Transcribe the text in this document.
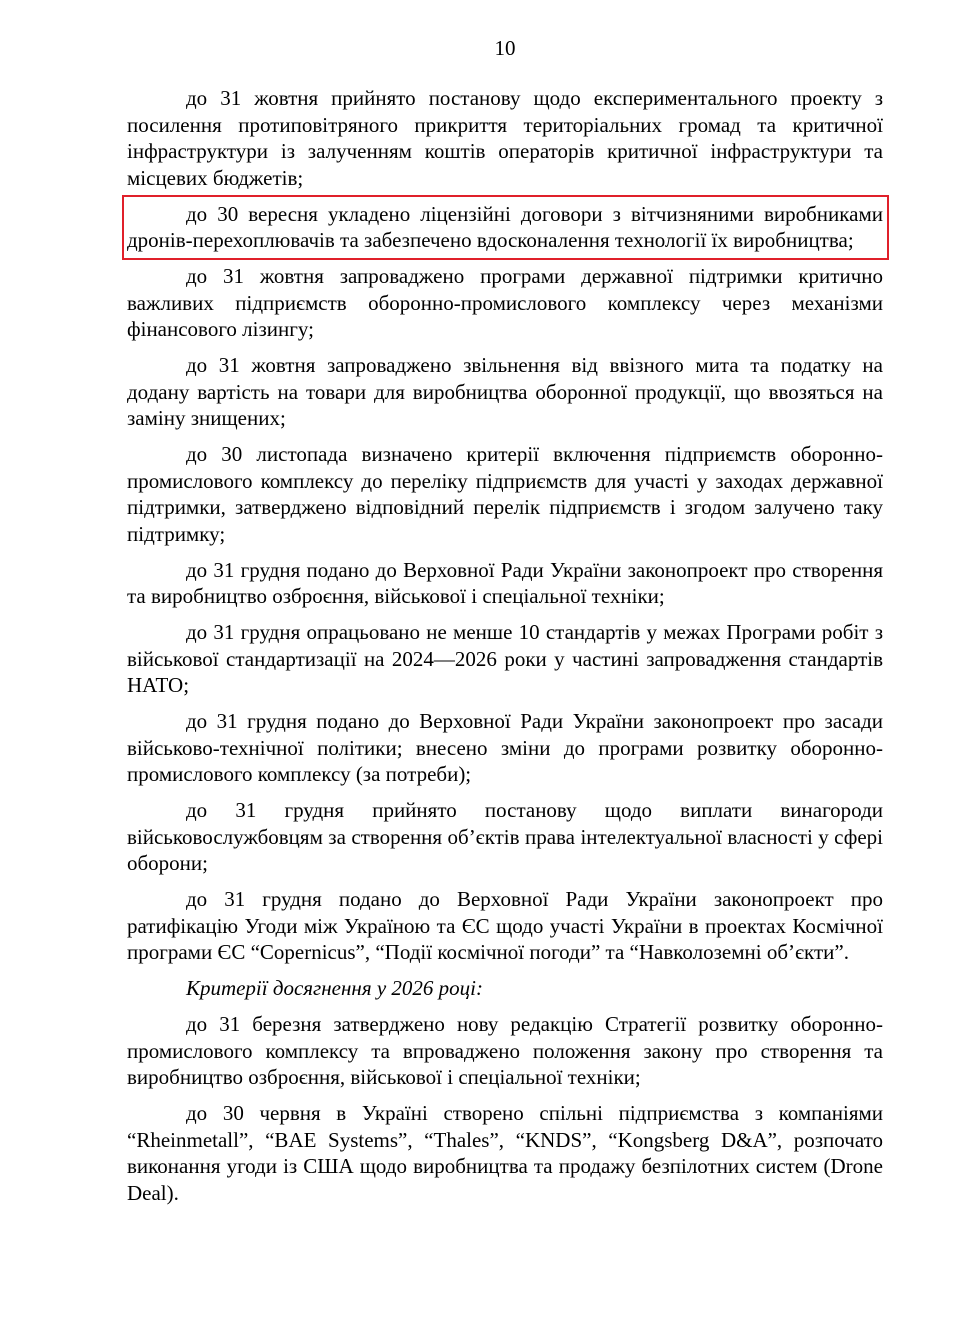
10

до 31 жовтня прийнято постанову щодо експериментального проекту з посилення протиповітряного прикриття територіальних громад та критичної інфраструктури із залученням коштів операторів критичної інфраструктури та місцевих бюджетів;

до 30 вересня укладено ліцензійні договори з вітчизняними виробниками дронів-перехоплювачів та забезпечено вдосконалення технології їх виробництва;

до 31 жовтня запроваджено програми державної підтримки критично важливих підприємств оборонно-промислового комплексу через механізми фінансового лізингу;

до 31 жовтня запроваджено звільнення від ввізного мита та податку на додану вартість на товари для виробництва оборонної продукції, що ввозяться на заміну знищених;

до 30 листопада визначено критерії включення підприємств оборонно-промислового комплексу до переліку підприємств для участі у заходах державної підтримки, затверджено відповідний перелік підприємств і згодом залучено таку підтримку;

до 31 грудня подано до Верховної Ради України законопроект про створення та виробництво озброєння, військової і спеціальної техніки;

до 31 грудня опрацьовано не менше 10 стандартів у межах Програми робіт з військової стандартизації на 2024—2026 роки у частині запровадження стандартів НАТО;

до 31 грудня подано до Верховної Ради України законопроект про засади військово-технічної політики; внесено зміни до програми розвитку оборонно-промислового комплексу (за потреби);

до 31 грудня прийнято постанову щодо виплати винагороди військовослужбовцям за створення об’єктів права інтелектуальної власності у сфері оборони;

до 31 грудня подано до Верховної Ради України законопроект про ратифікацію Угоди між Україною та ЄС щодо участі України в проектах Космічної програми ЄС “Copernicus”, “Події космічної погоди” та “Навколоземні об’єкти”.

Критерії досягнення у 2026 році:

до 31 березня затверджено нову редакцію Стратегії розвитку оборонно-промислового комплексу та впроваджено положення закону про створення та виробництво озброєння, військової і спеціальної техніки;

до 30 червня в Україні створено спільні підприємства з компаніями “Rheinmetall”, “BAE Systems”, “Thales”, “KNDS”, “Kongsberg D&A”, розпочато виконання угоди із США щодо виробництва та продажу безпілотних систем (Drone Deal).
